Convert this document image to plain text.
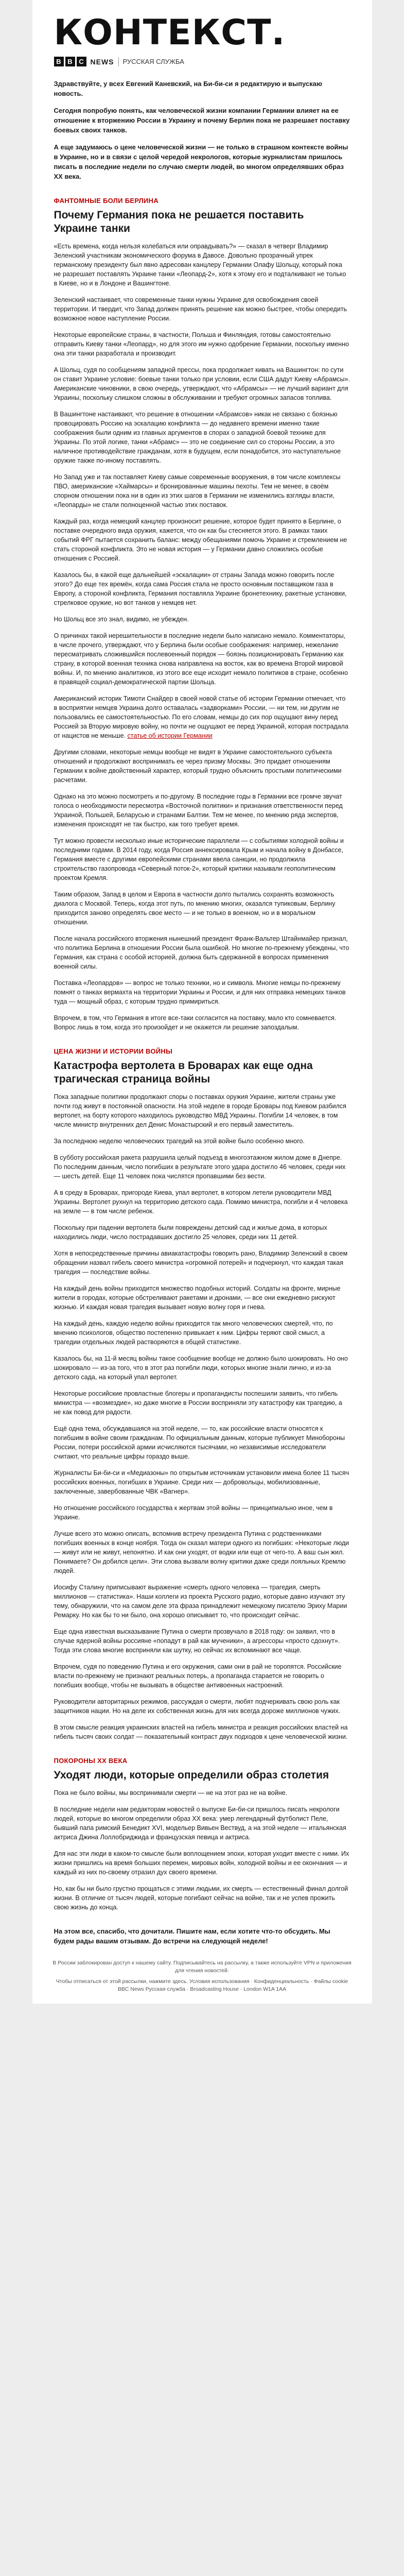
КОНТЕКСТ.
B B C NEWS РУССКАЯ СЛУЖБА

Здравствуйте, у всех Евгений Каневский, на Би-би-си я редактирую и выпускаю новость.

Сегодня попробую понять, как человеческой жизни компании Германии влияет на ее отношение к вторжению России в Украину и почему Берлин пока не разрешает поставку боевых своих танков.

А еще задумаюсь о цене человеческой жизни — не только в страшном контексте войны в Украине, но и в связи с целой чередой некрологов, которые журналистам пришлось писать в последние недели по случаю смерти людей, во многом определявших образ XX века.

ФАНТОМНЫЕ БОЛИ БЕРЛИНА
Почему Германия пока не решается поставить Украине танки

«Есть времена, когда нельзя колебаться или оправдывать?» — сказал в четверг Владимир Зеленский участникам экономического форума в Давосе. Довольно прозрачный упрек германскому президенту был явно адресован канцлеру Германии Олафу Шольцу, который пока не разрешает поставлять Украине танки «Леопард-2», хотя к этому его и подталкивают не только в Киеве, но и в Лондоне и Вашингтоне.

Зеленский настаивает, что современные танки нужны Украине для освобождения своей территории. И твердит, что Запад должен принять решение как можно быстрее, чтобы опередить возможное новое наступление России.

Некоторые европейские страны, в частности, Польша и Финляндия, готовы самостоятельно отправить Киеву танки «Леопард», но для этого им нужно одобрение Германии, поскольку именно она эти танки разработала и производит.

А Шольц, судя по сообщениям западной прессы, пока продолжает кивать на Вашингтон: по сути он ставит Украине условие: боевые танки только при условии, если США дадут Киеву «Абрамсы». Американские чиновники, в свою очередь, утверждают, что «Абрамсы» — не лучший вариант для Украины, поскольку слишком сложны в обслуживании и требуют огромных запасов топлива.

В Вашингтоне настаивают, что решение в отношении «Абрамсов» никак не связано с боязнью провоцировать Россию на эскалацию конфликта — до недавнего времени именно такие соображения были одним из главных аргументов в спорах о западной боевой технике для Украины. По этой логике, танки «Абрамс» — это не соединение сил со стороны России, а это наличное противодействие гражданам, хотя в будущем, если понадобится, это наступательное оружие также по-иному поставлять.

Но Запад уже и так поставляет Киеву самые современные вооружения, в том числе комплексы ПВО, американские «Хаймарсы» и бронированные машины пехоты. Тем не менее, в своём спорном отношении пока ни в один из этих шагов в Германии не изменились взгляды власти, «Леопарды» не стали полноценной частью этих поставок.

Каждый раз, когда немецкий канцлер произносит решение, которое будет принято в Берлине, о поставке очередного вида оружия, кажется, что он как бы стесняется этого. В рамках таких событий ФРГ пытается сохранить баланс: между обещаниями помочь Украине и стремлением не стать стороной конфликта. Это не новая история — у Германии давно сложились особые отношения с Россией.

Казалось бы, в какой еще дальнейшей «эскалации» от страны Запада можно говорить после этого? До еще тех времён, когда сама Россия стала не просто основным поставщиком газа в Европу, а стороной конфликта, Германия поставляла Украине бронетехнику, ракетные установки, стрелковое оружие, но вот танков у немцев нет.

Но Шольц все это знал, видимо, не убежден.

О причинах такой нерешительности в последние недели было написано немало. Комментаторы, в числе прочего, утверждают, что у Берлина были особые соображения: например, нежелание пересматривать сложившийся послевоенный порядок — боязнь позиционировать Германию как страну, в которой военная техника снова направлена на восток, как во времена Второй мировой войны. И, по мнению аналитиков, из этого все еще исходит немало политиков в стране, особенно в правящей социал-демократической партии Шольца.

Американский историк Тимоти Снайдер в своей новой статье об истории Германии отмечает, что в восприятии немцев Украина долго оставалась «задворками» России, — ни тем, ни другим не пользовались ее самостоятельностью. По его словам, немцы до сих пор ощущают вину перед Россией за Вторую мировую войну, но почти не ощущают ее перед Украиной, которая пострадала от нацистов не меньше. статье об истории Германии

Другими словами, некоторые немцы вообще не видят в Украине самостоятельного субъекта отношений и продолжают воспринимать ее через призму Москвы. Это придает отношениям Германии к войне двойственный характер, который трудно объяснить простыми политическими расчетами.

Однако на это можно посмотреть и по-другому. В последние годы в Германии все громче звучат голоса о необходимости пересмотра «Восточной политики» и признания ответственности перед Украиной, Польшей, Беларусью и странами Балтии. Тем не менее, по мнению ряда экспертов, изменения происходят не так быстро, как того требует время.

Тут можно провести несколько иные исторические параллели — с событиями холодной войны и последними годами. В 2014 году, когда Россия аннексировала Крым и начала войну в Донбассе, Германия вместе с другими европейскими странами ввела санкции, но продолжила строительство газопровода «Северный поток-2», который критики называли геополитическим проектом Кремля.

Таким образом, Запад в целом и Европа в частности долго пытались сохранять возможность диалога с Москвой. Теперь, когда этот путь, по мнению многих, оказался тупиковым, Берлину приходится заново определять свое место — и не только в военном, но и в моральном отношении.

После начала российского вторжения нынешний президент Франк-Вальтер Штайнмайер признал, что политика Берлина в отношении России была ошибкой. Но многие по-прежнему убеждены, что Германия, как страна с особой историей, должна быть сдержанной в вопросах применения военной силы.

Поставка «Леопардов» — вопрос не только техники, но и символа. Многие немцы по-прежнему помнят о танках вермахта на территории Украины и России, и для них отправка немецких танков туда — мощный образ, с которым трудно примириться.

Впрочем, в том, что Германия в итоге все-таки согласится на поставку, мало кто сомневается. Вопрос лишь в том, когда это произойдет и не окажется ли решение запоздалым.

ЦЕНА ЖИЗНИ И ИСТОРИИ ВОЙНЫ
Катастрофа вертолета в Броварах как еще одна трагическая страница войны

Пока западные политики продолжают споры о поставках оружия Украине, жители страны уже почти год живут в постоянной опасности. На этой неделе в городе Бровары под Киевом разбился вертолет, на борту которого находилось руководство МВД Украины. Погибли 14 человек, в том числе министр внутренних дел Денис Монастырский и его первый заместитель.

За последнюю неделю человеческих трагедий на этой войне было особенно много.

В субботу российская ракета разрушила целый подъезд в многоэтажном жилом доме в Днепре. По последним данным, число погибших в результате этого удара достигло 46 человек, среди них — шесть детей. Еще 11 человек пока числятся пропавшими без вести.

А в среду в Броварах, пригороде Киева, упал вертолет, в котором летели руководители МВД Украины. Вертолет рухнул на территорию детского сада. Помимо министра, погибли и 4 человека на земле — в том числе ребенок.

Поскольку при падении вертолета были повреждены детский сад и жилые дома, в которых находились люди, число пострадавших достигло 25 человек, среди них 11 детей.

Хотя в непосредственные причины авиакатастрофы говорить рано, Владимир Зеленский в своем обращении назвал гибель своего министра «огромной потерей» и подчеркнул, что каждая такая трагедия — последствие войны.

На каждый день войны приходится множество подобных историй. Солдаты на фронте, мирные жители в городах, которые обстреливают ракетами и дронами, — все они ежедневно рискуют жизнью. И каждая новая трагедия вызывает новую волну горя и гнева.

На каждый день, каждую неделю войны приходится так много человеческих смертей, что, по мнению психологов, общество постепенно привыкает к ним. Цифры теряют свой смысл, а трагедии отдельных людей растворяются в общей статистике.

Казалось бы, на 11-й месяц войны такое сообщение вообще не должно было шокировать. Но оно шокировало — из-за того, что в этот раз погибли люди, которых многие знали лично, и из-за детского сада, на который упал вертолет.

Некоторые российские провластные блогеры и пропагандисты поспешили заявить, что гибель министра — «возмездие», но даже многие в России восприняли эту катастрофу как трагедию, а не как повод для радости.

Ещё одна тема, обсуждавшаяся на этой неделе, — то, как российские власти относятся к погибшим в войне своим гражданам. По официальным данным, которые публикует Минобороны России, потери российской армии исчисляются тысячами, но независимые исследователи считают, что реальные цифры гораздо выше.

Журналисты Би-би-си и «Медиазоны» по открытым источникам установили имена более 11 тысяч российских военных, погибших в Украине. Среди них — добровольцы, мобилизованные, заключенные, завербованные ЧВК «Вагнер».

Но отношение российского государства к жертвам этой войны — принципиально иное, чем в Украине.

Лучше всего это можно описать, вспомнив встречу президента Путина с родственниками погибших военных в конце ноября. Тогда он сказал матери одного из погибших: «Некоторые люди — живут или не живут, непонятно. И как они уходят, от водки или еще от чего-то. А ваш сын жил. Понимаете? Он добился цели». Эти слова вызвали волну критики даже среди лояльных Кремлю людей.

Иосифу Сталину приписывают выражение «смерть одного человека — трагедия, смерть миллионов — статистика». Наши коллеги из проекта Русского радио, которые давно изучают эту тему, обнаружили, что на самом деле эта фраза принадлежит немецкому писателю Эриху Марии Ремарку. Но как бы то ни было, она хорошо описывает то, что происходит сейчас.

Еще одна известная высказывание Путина о смерти прозвучало в 2018 году: он заявил, что в случае ядерной войны россияне «попадут в рай как мученики», а агрессоры «просто сдохнут». Тогда эти слова многие восприняли как шутку, но сейчас их вспоминают все чаще.

Впрочем, судя по поведению Путина и его окружения, сами они в рай не торопятся. Российские власти по-прежнему не признают реальных потерь, а пропаганда старается не говорить о погибших вообще, чтобы не вызывать в обществе антивоенных настроений.

Руководители авторитарных режимов, рассуждая о смерти, любят подчеркивать свою роль как защитников нации. Но на деле их собственная жизнь для них всегда дороже миллионов чужих.

В этом смысле реакция украинских властей на гибель министра и реакция российских властей на гибель тысяч своих солдат — показательный контраст двух подходов к цене человеческой жизни.

ПОКОРОНЫ XX ВЕКА
Уходят люди, которые определили образ столетия

Пока не было войны, мы воспринимали смерти — не на этот раз не на войне.

В последние недели нам редакторам новостей о выпуске Би-би-си пришлось писать некрологи людей, которые во многом определили образ XX века: умер легендарный футболист Пеле, бывший папа римский Бенедикт XVI, модельер Вивьен Вествуд, а на этой неделе — итальянская актриса Джина Лоллобриджида и французская певица и актриса.

Для нас эти люди в каком-то смысле были воплощением эпохи, которая уходит вместе с ними. Их жизни пришлись на время больших перемен, мировых войн, холодной войны и ее окончания — и каждый из них по-своему отразил дух своего времени.

Но, как бы ни было грустно прощаться с этими людьми, их смерть — естественный финал долгой жизни. В отличие от тысяч людей, которые погибают сейчас на войне, так и не успев прожить свою жизнь до конца.

На этом все, спасибо, что дочитали. Пишите нам, если хотите что-то обсудить. Мы будем рады вашим отзывам. До встречи на следующей неделе!

В России заблокирован доступ к нашему сайту. Подписывайтесь на рассылку, а также используйте VPN и приложения для чтения новостей.
Чтобы отписаться от этой рассылки, нажмите здесь. Условия использования · Конфиденциальность · Файлы cookie
BBC News Русская служба · Broadcasting House · London W1A 1AA
